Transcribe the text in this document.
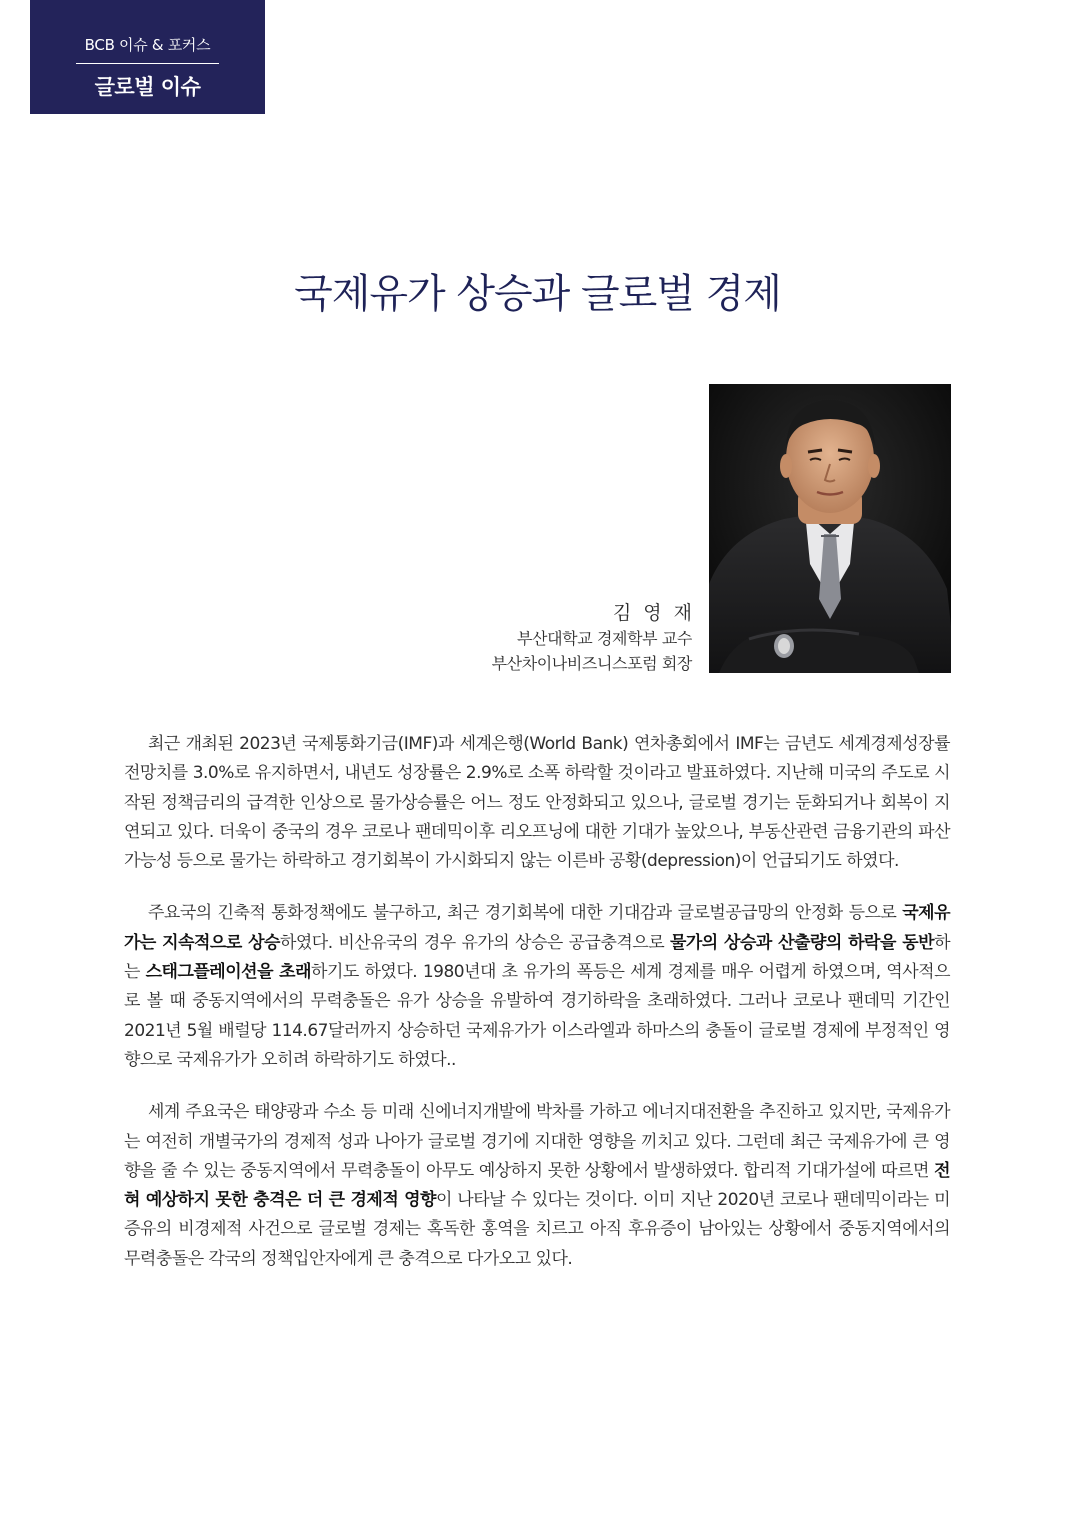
BCB 이슈 & 포커스
글로벌 이슈
국제유가 상승과 글로벌 경제
김영재
부산대학교 경제학부 교수
부산차이나비즈니스포럼 회장

최근 개최된 2023년 국제통화기금(IMF)과 세계은행(World Bank) 연차총회에서 IMF는 금년도 세계경제성장률 전망치를 3.0%로 유지하면서, 내년도 성장률은 2.9%로 소폭 하락할 것이라고 발표하였다. 지난해 미국의 주도로 시작된 정책금리의 급격한 인상으로 물가상승률은 어느 정도 안정화되고 있으나, 글로벌 경기는 둔화되거나 회복이 지연되고 있다. 더욱이 중국의 경우 코로나 팬데믹이후 리오프닝에 대한 기대가 높았으나, 부동산관련 금융기관의 파산가능성 등으로 물가는 하락하고 경기회복이 가시화되지 않는 이른바 공황(depression)이 언급되기도 하였다.

주요국의 긴축적 통화정책에도 불구하고, 최근 경기회복에 대한 기대감과 글로벌공급망의 안정화 등으로 국제유가는 지속적으로 상승하였다. 비산유국의 경우 유가의 상승은 공급충격으로 물가의 상승과 산출량의 하락을 동반하는 스태그플레이션을 초래하기도 하였다. 1980년대 초 유가의 폭등은 세계 경제를 매우 어렵게 하였으며, 역사적으로 볼 때 중동지역에서의 무력충돌은 유가 상승을 유발하여 경기하락을 초래하였다. 그러나 코로나 팬데믹 기간인 2021년 5월 배럴당 114.67달러까지 상승하던 국제유가가 이스라엘과 하마스의 충돌이 글로벌 경제에 부정적인 영향으로 국제유가가 오히려 하락하기도 하였다..

세계 주요국은 태양광과 수소 등 미래 신에너지개발에 박차를 가하고 에너지대전환을 추진하고 있지만, 국제유가는 여전히 개별국가의 경제적 성과 나아가 글로벌 경기에 지대한 영향을 끼치고 있다. 그런데 최근 국제유가에 큰 영향을 줄 수 있는 중동지역에서 무력충돌이 아무도 예상하지 못한 상황에서 발생하였다. 합리적 기대가설에 따르면 전혀 예상하지 못한 충격은 더 큰 경제적 영향이 나타날 수 있다는 것이다. 이미 지난 2020년 코로나 팬데믹이라는 미증유의 비경제적 사건으로 글로벌 경제는 혹독한 홍역을 치르고 아직 후유증이 남아있는 상황에서 중동지역에서의 무력충돌은 각국의 정책입안자에게 큰 충격으로 다가오고 있다.
